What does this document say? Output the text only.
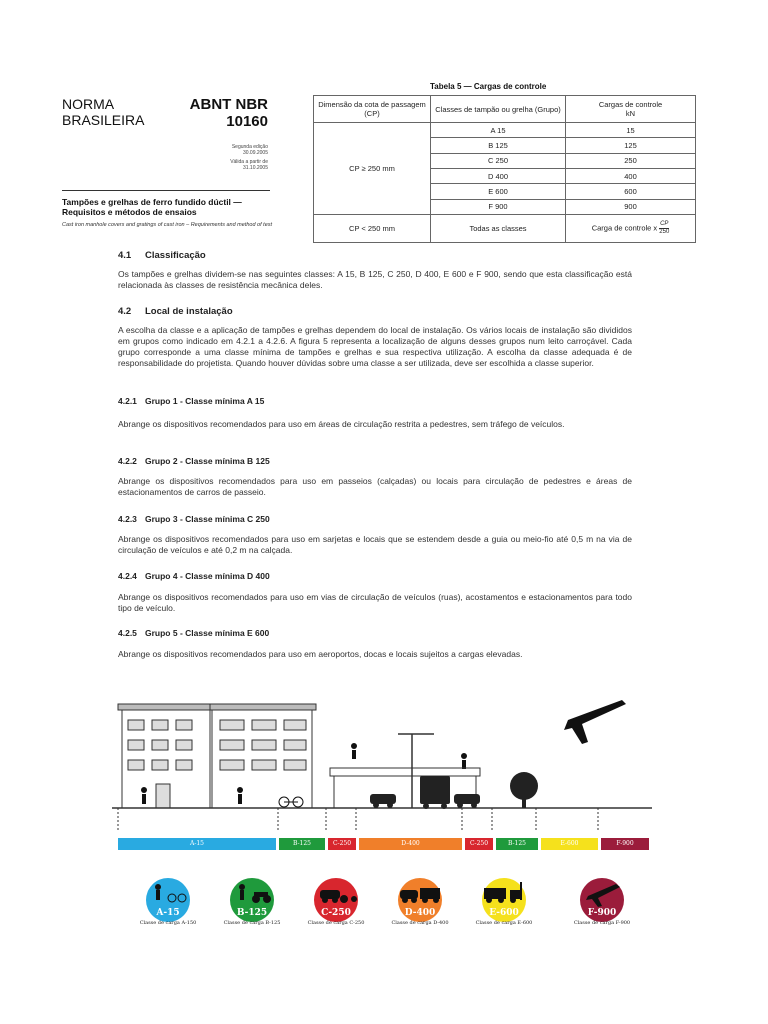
NORMA
BRASILEIRA
ABNT NBR
10160
Segunda edição
30.09.2005
Válida a partir de
31.10.2005
Tampões e grelhas de ferro fundido dúctil — Requisitos e métodos de ensaios
Cast iron manhole covers and gratings of cast iron – Requirements and method of test
Tabela 5 — Cargas de controle
Dimensão da cota de passagem (CP)	Classes de tampão ou grelha (Grupo)	Cargas de controle
kN
CP ≥ 250 mm	A 15	15
	B 125	125
	C 250	250
	D 400	400
	E 600	600
	F 900	900
CP < 250 mm	Todas as classes	Carga de controle x $\frac{CP}{250}$
4.1 Classificação
Os tampões e grelhas dividem-se nas seguintes classes: A 15, B 125, C 250, D 400, E 600 e F 900, sendo que esta classificação está relacionada às classes de resistência mecânica deles.
4.2 Local de instalação
A escolha da classe e a aplicação de tampões e grelhas dependem do local de instalação. Os vários locais de instalação são divididos em grupos como indicado em 4.2.1 a 4.2.6. A figura 5 representa a localização de alguns desses grupos num leito carroçável. Cada grupo corresponde a uma classe mínima de tampões e grelhas e sua respectiva utilização. A escolha da classe adequada é de responsabilidade do projetista. Quando houver dúvidas sobre uma classe a ser utilizada, deve ser escolhida a classe superior.
4.2.1 Grupo 1 - Classe mínima A 15
Abrange os dispositivos recomendados para uso em áreas de circulação restrita a pedestres, sem tráfego de veículos.
4.2.2 Grupo 2 - Classe mínima B 125
Abrange os dispositivos recomendados para uso em passeios (calçadas) ou locais para circulação de pedestres e áreas de estacionamentos de carros de passeio.
4.2.3 Grupo 3 - Classe mínima C 250
Abrange os dispositivos recomendados para uso em sarjetas e locais que se estendem desde a guia ou meio-fio até 0,5 m na via de circulação de veículos e até 0,2 m na calçada.
4.2.4 Grupo 4 - Classe mínima D 400
Abrange os dispositivos recomendados para uso em vias de circulação de veículos (ruas), acostamentos e estacionamentos para todo tipo de veículo.
4.2.5 Grupo 5 - Classe mínima E 600
Abrange os dispositivos recomendados para uso em aeroportos, docas e locais sujeitos a cargas elevadas.
A-15	B-125	C-250	D-400	C-250	B-125	E-600	F-900
A-15	B-125	C-250	D-400	E-600	F-900
Classe de carga A-150	Classe de carga B-125	Classe de carga C-250	Classe de carga D-400	Classe de carga E-600	Classe de carga F-900
